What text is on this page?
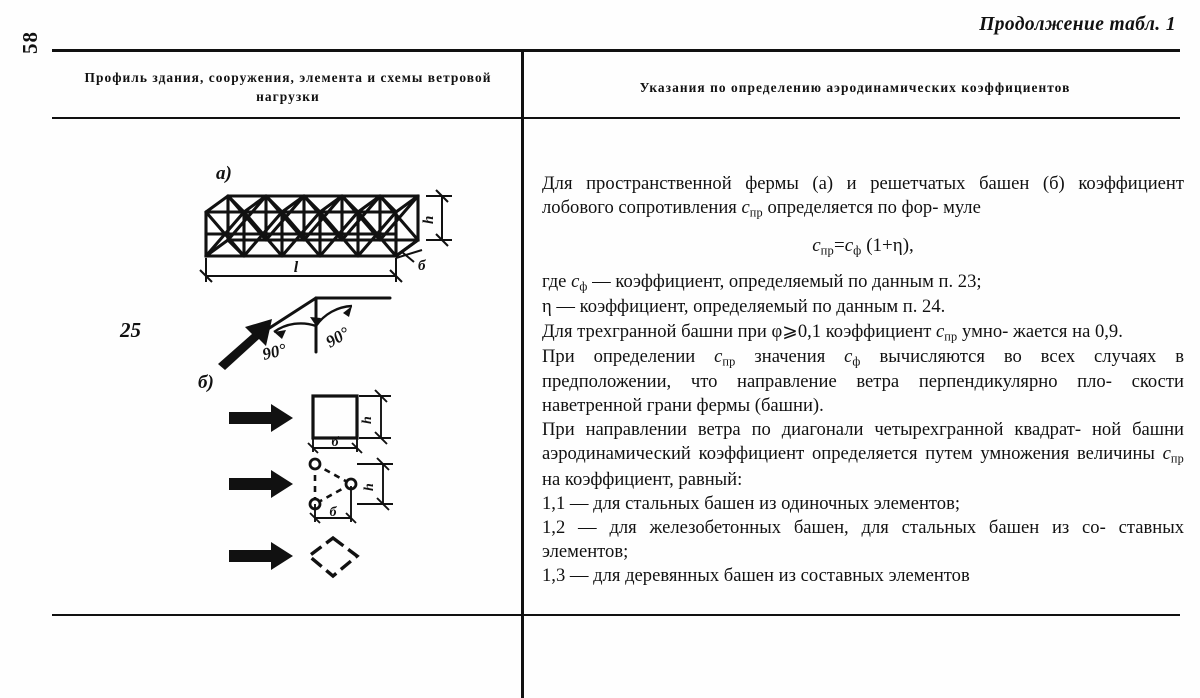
58
Продолжение табл. 1
Профиль здания, сооружения, элемента и схемы ветровой нагрузки
Указания по определению аэродинамических коэффициентов
25
а)
б)
h
l	б
90°
90°
h
б
h
б

Для пространственной фермы (а) и решетчатых башен (б) коэффициент лобового сопротивления $c_{пр}$ определяется по фор- муле

$c_{пр}=c_ф$ (1+η),

где $c_ф$ — коэффициент, определяемый по данным п. 23;

η — коэффициент, определяемый по данным п. 24.

Для трехгранной башни при φ⩾0,1 коэффициент $c_{пр}$ умно- жается на 0,9.

При определении $c_{пр}$ значения $c_ф$ вычисляются во всех случаях в предположении, что направление ветра перпендикулярно пло- скости наветренной грани фермы (башни).

При направлении ветра по диагонали четырехгранной квадрат- ной башни аэродинамический коэффициент определяется путем умножения величины $c_{пр}$ на коэффициент, равный:

1,1 — для стальных башен из одиночных элементов;

1,2 — для железобетонных башен, для стальных башен из со- ставных элементов;

1,3 — для деревянных башен из составных элементов
